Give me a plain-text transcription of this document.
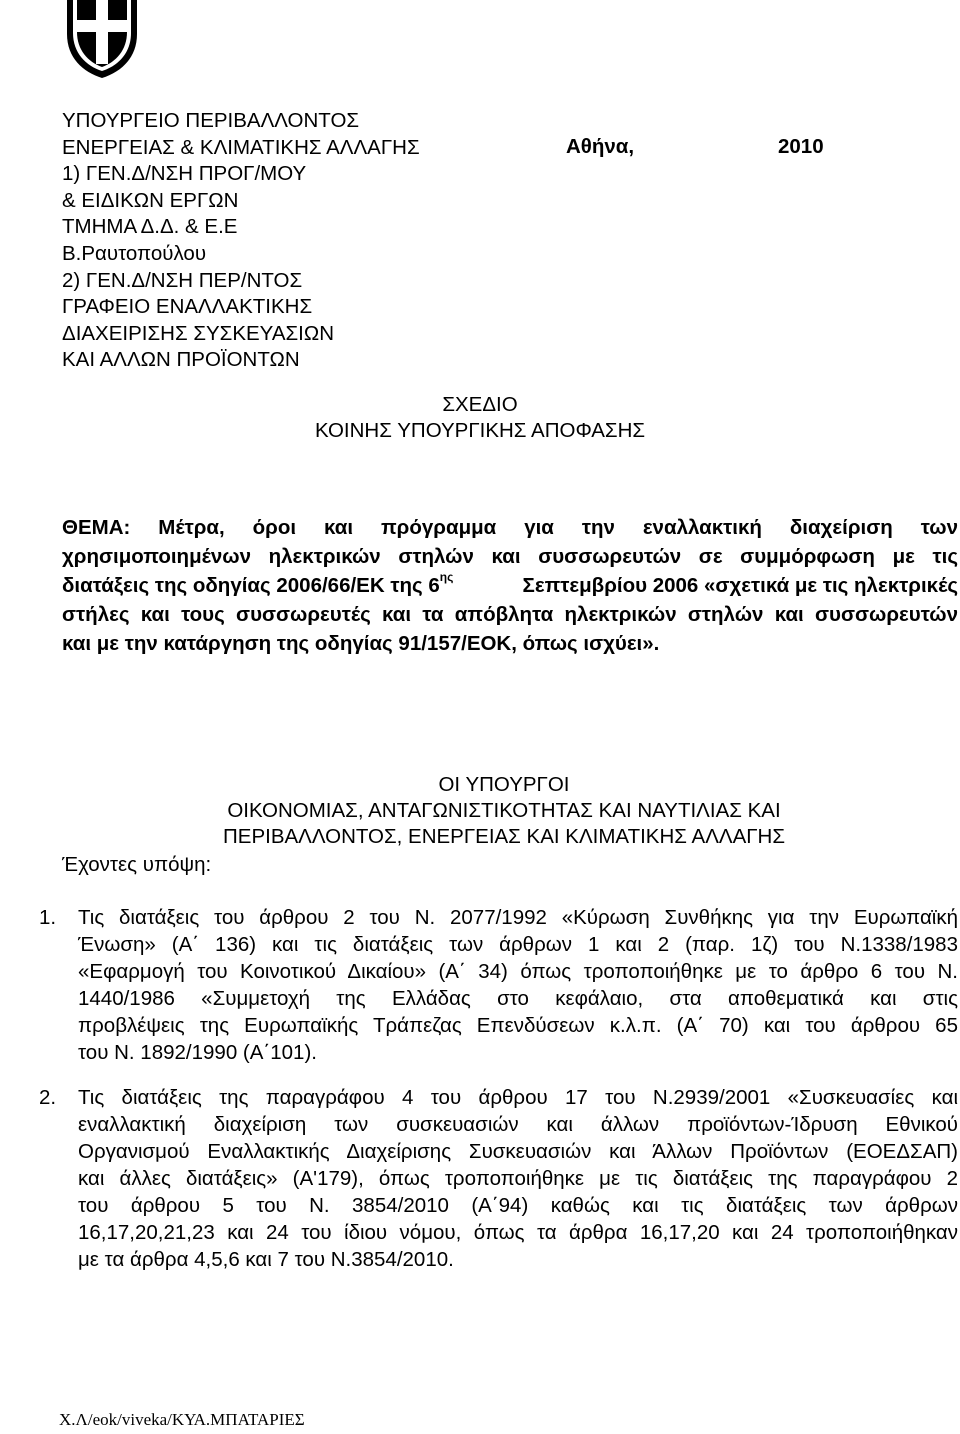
ΥΠΟΥΡΓΕΙΟ ΠΕΡΙΒΑΛΛΟΝΤΟΣ
ΕΝΕΡΓΕΙΑΣ & ΚΛΙΜΑΤΙΚΗΣ ΑΛΛΑΓΗΣ
1) ΓΕΝ.Δ/ΝΣΗ ΠΡΟΓ/ΜΟΥ
& ΕΙΔΙΚΩΝ ΕΡΓΩΝ
ΤΜΗΜΑ Δ.Δ. & Ε.Ε
Β.Ραυτοπούλου
2) ΓΕΝ.Δ/ΝΣΗ ΠΕΡ/ΝΤΟΣ
ΓΡΑΦΕΙΟ ΕΝΑΛΛΑΚΤΙΚΗΣ
ΔΙΑΧΕΙΡΙΣΗΣ ΣΥΣΚΕΥΑΣΙΩΝ
ΚΑΙ ΑΛΛΩΝ ΠΡΟΪΟΝΤΩΝ
Αθήνα,	2010
ΣΧΕΔΙΟ
ΚΟΙΝΗΣ ΥΠΟΥΡΓΙΚΗΣ ΑΠΟΦΑΣΗΣ
ΘΕΜΑ: Μέτρα, όροι και πρόγραμμα για την εναλλακτική διαχείριση των
χρησιμοποιημένων ηλεκτρικών στηλών και συσσωρευτών σε συμμόρφωση με τις
διατάξεις της οδηγίας 2006/66/ΕΚ της $6^{\eta\varsigma}$	Σεπτεμβρίου 2006 «σχετικά με τις ηλεκτρικές
στήλες και τους συσσωρευτές και τα απόβλητα ηλεκτρικών στηλών και συσσωρευτών
και με την κατάργηση της οδηγίας 91/157/ΕΟΚ, όπως ισχύει».
ΟΙ ΥΠΟΥΡΓΟΙ
ΟΙΚΟΝΟΜΙΑΣ, ΑΝΤΑΓΩΝΙΣΤΙΚΟΤΗΤΑΣ ΚΑΙ ΝΑΥΤΙΛΙΑΣ ΚΑΙ
ΠΕΡΙΒΑΛΛΟΝΤΟΣ, ΕΝΕΡΓΕΙΑΣ ΚΑΙ ΚΛΙΜΑΤΙΚΗΣ ΑΛΛΑΓΗΣ
Έχοντες υπόψη:
1. Τις διατάξεις του άρθρου 2 του Ν. 2077/1992 «Κύρωση Συνθήκης για την Ευρωπαϊκή
Ένωση» (Α΄ 136) και τις διατάξεις των άρθρων 1 και 2 (παρ. 1ζ) του Ν.1338/1983
«Εφαρμογή του Κοινοτικού Δικαίου» (Α΄ 34) όπως τροποποιήθηκε με το άρθρο 6 του Ν.
1440/1986 «Συμμετοχή της Ελλάδας στο κεφάλαιο, στα αποθεματικά και στις
προβλέψεις της Ευρωπαϊκής Τράπεζας Επενδύσεων κ.λ.π. (Α΄ 70) και του άρθρου 65
του Ν. 1892/1990 (Α΄101).
2. Τις διατάξεις της παραγράφου 4 του άρθρου 17 του Ν.2939/2001 «Συσκευασίες και
εναλλακτική διαχείριση των συσκευασιών και άλλων προϊόντων-Ίδρυση Εθνικού
Οργανισμού Εναλλακτικής Διαχείρισης Συσκευασιών και Άλλων Προϊόντων (ΕΟΕΔΣΑΠ)
και άλλες διατάξεις» (Α'179), όπως τροποποιήθηκε με τις διατάξεις της παραγράφου 2
του άρθρου 5 του Ν. 3854/2010 (Α΄94) καθώς και τις διατάξεις των άρθρων
16,17,20,21,23 και 24 του ίδιου νόμου, όπως τα άρθρα 16,17,20 και 24 τροποποιήθηκαν
με τα άρθρα 4,5,6 και 7 του Ν.3854/2010.
Χ.Λ/eok/viveka/ΚΥΑ.ΜΠΑΤΑΡΙΕΣ
